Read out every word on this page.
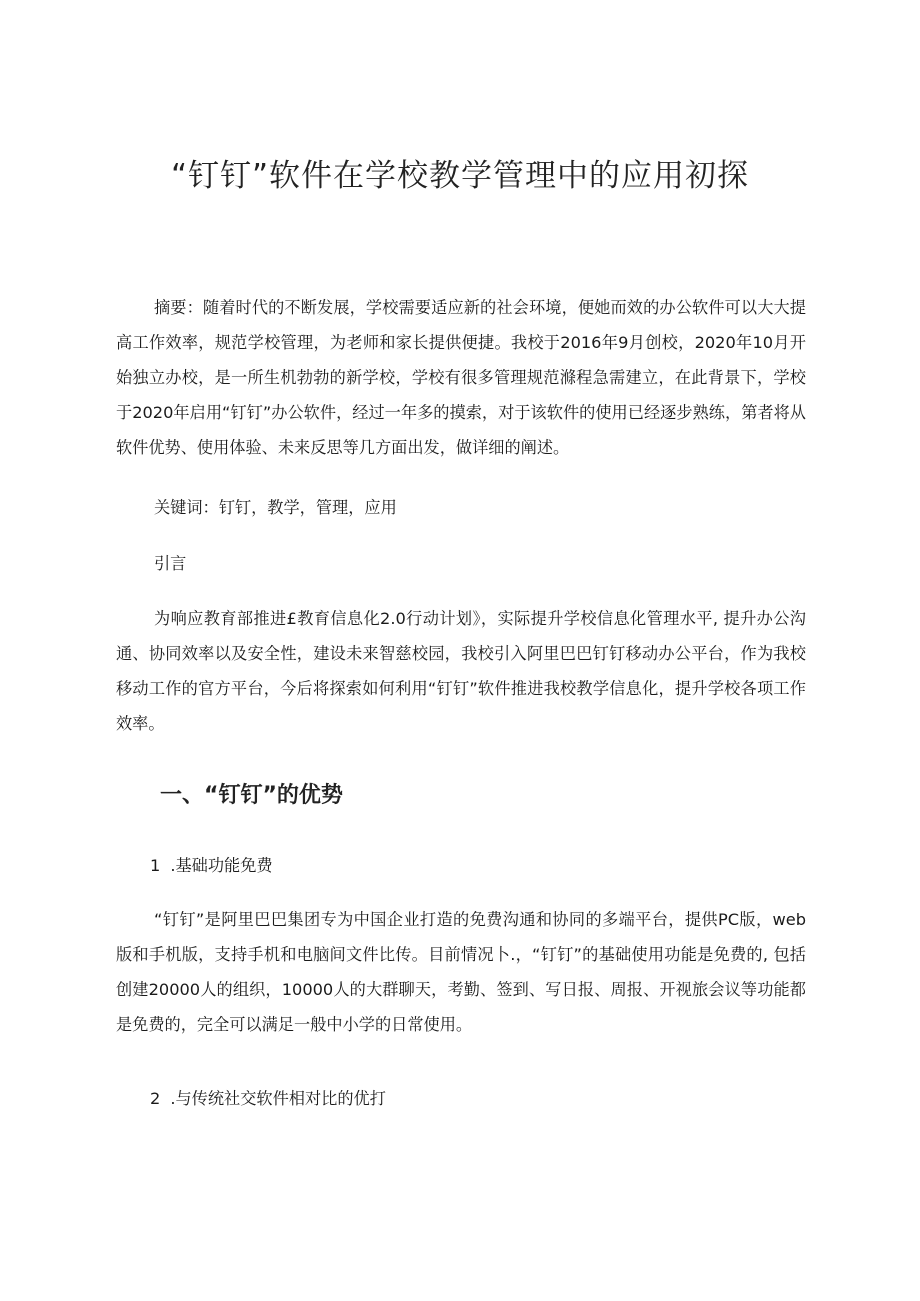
“钉钉”软件在学校教学管理中的应用初探

摘要：随着时代的不断发展，学校需要适应新的社会环境，便她而效的办公软件可以大大提高工作效率，规范学校管理，为老师和家长提供便捷。我校于2016年9月创校，2020年10月开始独立办校，是一所生机勃勃的新学校，学校有很多管理规范滌程急需建立，在此背景下，学校于2020年启用“钉钉”办公软件，经过一年多的摸索，对于该软件的使用已经逐步熟练，第者将从软件优势、使用体验、未来反思等几方面出发，做详细的阐述。

关键词：钉钉，教学，管理，应用

引言

为响应教育部推进£教育信息化2.0行动计划》，实际提升学校信息化管理水平, 提升办公沟通、协同效率以及安全性，建设未来智慈校园，我校引入阿里巴巴钉钉移动办公平台，作为我校移动工作的官方平台，今后将探索如何利用“钉钉”软件推进我校教学信息化，提升学校各项工作效率。

一、“钉钉”的优势

1 .基础功能免费

“钉钉”是阿里巴巴集团专为中国企业打造的免费沟通和协同的多端平台，提供PC版，web版和手机版，支持手机和电脑间文件比传。目前情况卜.，“钉钉”的基础使用功能是免费的, 包括创建20000人的组织，10000人的大群聊天，考勤、签到、写日报、周报、开视旅会议等功能都是免费的，完全可以满足一般中小学的日常使用。

2 .与传统社交软件相对比的优打
